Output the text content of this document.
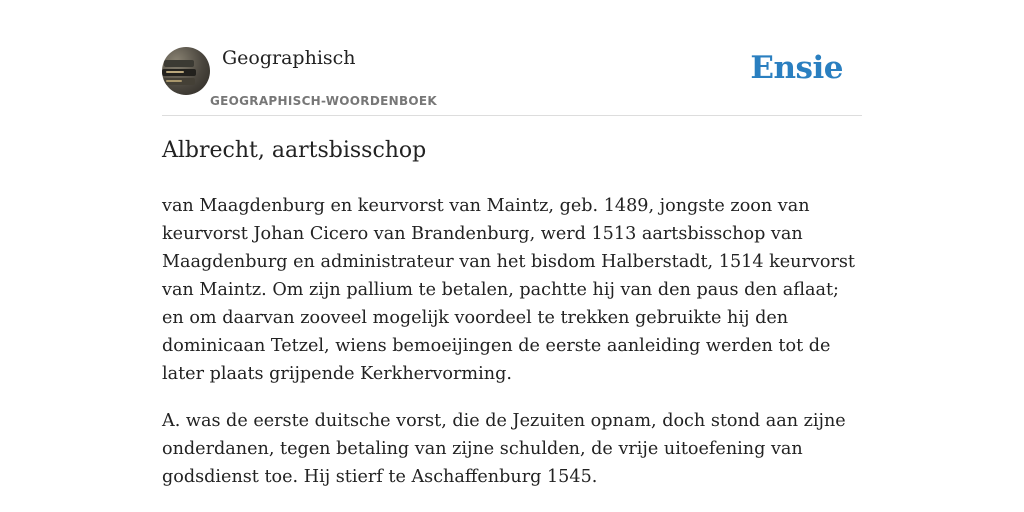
Geographisch
GEOGRAPHISCH-WOORDENBOEK
Ensie
Albrecht, aartsbisschop

van Maagdenburg en keurvorst van Maintz, geb. 1489, jongste zoon van keurvorst Johan Cicero van Brandenburg, werd 1513 aartsbisschop van Maagdenburg en administrateur van het bisdom Halberstadt, 1514 keurvorst van Maintz. Om zijn pallium te betalen, pachtte hij van den paus den aflaat; en om daarvan zooveel mogelijk voordeel te trekken gebruikte hij den dominicaan Tetzel, wiens bemoeijingen de eerste aanleiding werden tot de later plaats grijpende Kerkhervorming.

A. was de eerste duitsche vorst, die de Jezuiten opnam, doch stond aan zijne onderdanen, tegen betaling van zijne schulden, de vrije uitoefening van godsdienst toe. Hij stierf te Aschaffenburg 1545.
